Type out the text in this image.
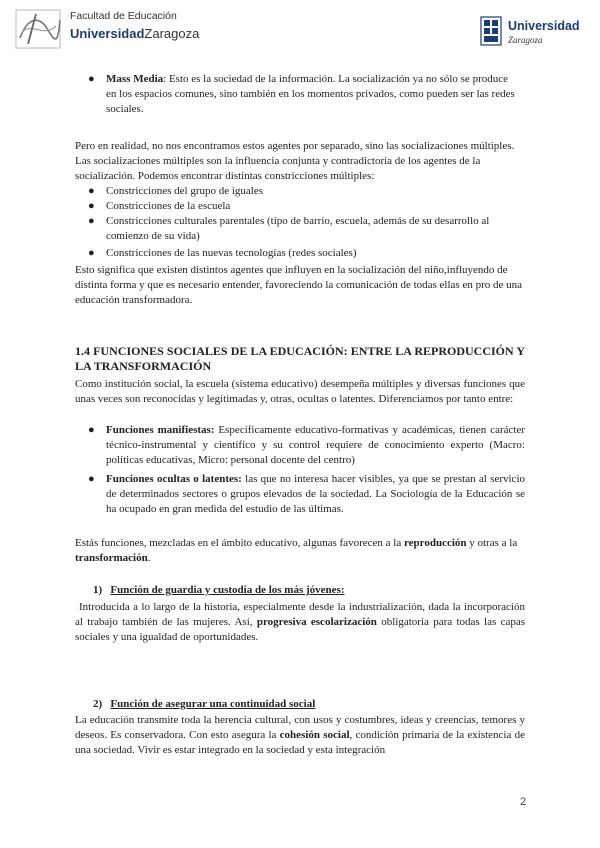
Facultad de Educación
UniversidadZaragoza	Universidad
Zaragoza
● Mass Media: Esto es la sociedad de la información. La socialización ya no sólo se produce en los espacios comunes, sino también en los momentos privados, como pueden ser las redes sociales.

Pero en realidad, no nos encontramos estos agentes por separado, sino las socializaciones múltiples. Las socializaciones múltiples son la influencia conjunta y contradictoria de los agentes de la socialización. Podemos encontrar distintas constricciones múltiples:

● Constricciones del grupo de iguales
● Constricciones de la escuela
● Constricciones culturales parentales (tipo de barrio, escuela, además de su desarrollo al comienzo de su vida)
● Constricciones de las nuevas tecnologías (redes sociales)

Esto significa que existen distintos agentes que influyen en la socialización del niño,influyendo de distinta forma y que es necesario entender, favoreciendo la comunicación de todas ellas en pro de una educación transformadora.

1.4 FUNCIONES SOCIALES DE LA EDUCACIÓN: ENTRE LA REPRODUCCIÓN Y LA TRANSFORMACIÓN

Como institución social, la escuela (sistema educativo) desempeña múltiples y diversas funciones que unas veces son reconocidas y legitimadas y, otras, ocultas o latentes. Diferenciamos por tanto entre:

● Funciones manifiestas: Específicamente educativo-formativas y académicas, tienen carácter técnico-instrumental y científico y su control requiere de conocimiento experto (Macro: políticas educativas, Micro: personal docente del centro)
● Funciones ocultas o latentes: las que no interesa hacer visibles, ya que se prestan al servicio de determinados sectores o grupos elevados de la sociedad. La Sociología de la Educación se ha ocupado en gran medida del estudio de las últimas.

Estás funciones, mezcladas en el ámbito educativo, algunas favorecen a la reproducción y otras a la transformación.

1) Función de guardia y custodia de los más jóvenes:

Introducida a lo largo de la historia, especialmente desde la industrialización, dada la incorporación al trabajo también de las mujeres. Así, progresiva escolarización obligatoria para todas las capas sociales y una igualdad de oportunidades.

2) Función de asegurar una continuidad social

La educación transmite toda la herencia cultural, con usos y costumbres, ideas y creencias, temores y deseos. Es conservadora. Con esto asegura la cohesión social, condición primaria de la existencia de una sociedad. Vivir es estar integrado en la sociedad y esta integración

2
